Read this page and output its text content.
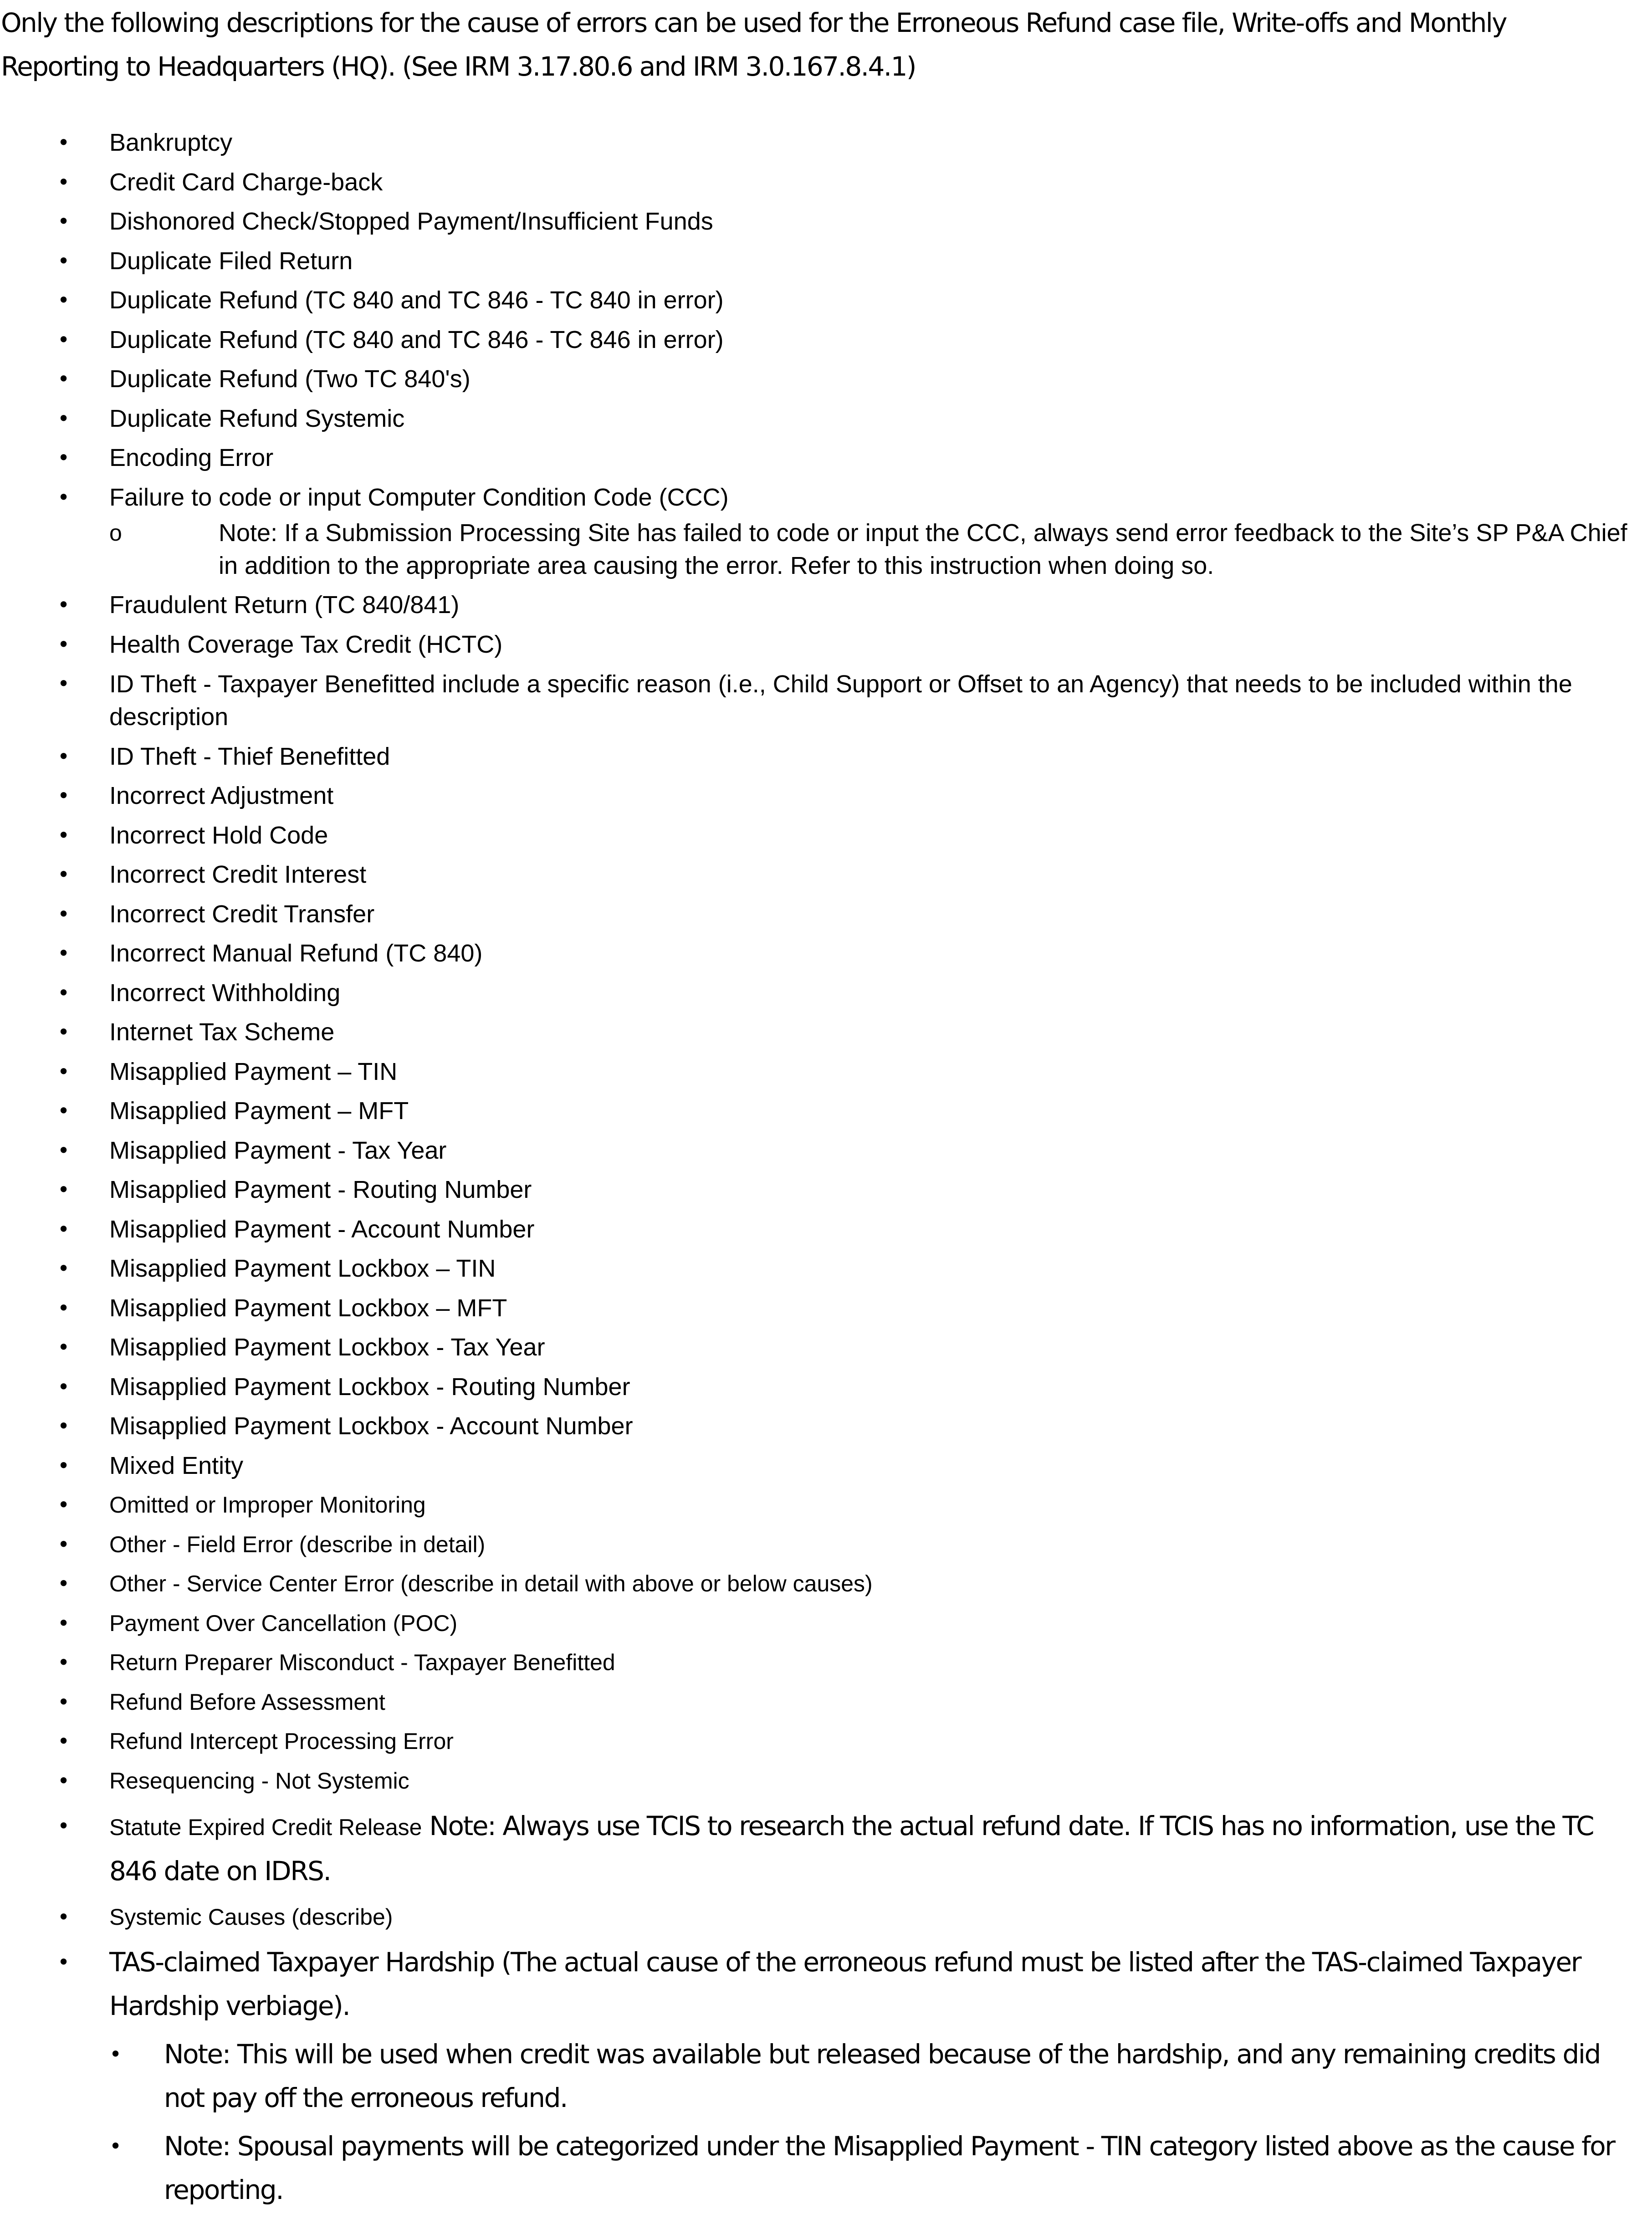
Only the following descriptions for the cause of errors can be used for the Erroneous Refund case file, Write-offs and Monthly Reporting to Headquarters (HQ). (See IRM 3.17.80.6 and IRM 3.0.167.8.4.1)

• Bankruptcy
• Credit Card Charge-back
• Dishonored Check/Stopped Payment/Insufficient Funds
• Duplicate Filed Return
• Duplicate Refund (TC 840 and TC 846 - TC 840 in error)
• Duplicate Refund (TC 840 and TC 846 - TC 846 in error)
• Duplicate Refund (Two TC 840's)
• Duplicate Refund Systemic
• Encoding Error
• Failure to code or input Computer Condition Code (CCC)
o	Note: If a Submission Processing Site has failed to code or input the CCC, always send error feedback to the Site’s SP P&A Chief in addition to the appropriate area causing the error. Refer to this instruction when doing so.
• Fraudulent Return (TC 840/841)
• Health Coverage Tax Credit (HCTC)
• ID Theft - Taxpayer Benefitted include a specific reason (i.e., Child Support or Offset to an Agency) that needs to be included within the description
• ID Theft - Thief Benefitted
• Incorrect Adjustment
• Incorrect Hold Code
• Incorrect Credit Interest
• Incorrect Credit Transfer
• Incorrect Manual Refund (TC 840)
• Incorrect Withholding
• Internet Tax Scheme
• Misapplied Payment – TIN
• Misapplied Payment – MFT
• Misapplied Payment - Tax Year
• Misapplied Payment - Routing Number
• Misapplied Payment - Account Number
• Misapplied Payment Lockbox – TIN
• Misapplied Payment Lockbox – MFT
• Misapplied Payment Lockbox - Tax Year
• Misapplied Payment Lockbox - Routing Number
• Misapplied Payment Lockbox - Account Number
• Mixed Entity
• Omitted or Improper Monitoring
• Other - Field Error (describe in detail)
• Other - Service Center Error (describe in detail with above or below causes)
• Payment Over Cancellation (POC)
• Return Preparer Misconduct - Taxpayer Benefitted
• Refund Before Assessment
• Refund Intercept Processing Error
• Resequencing - Not Systemic
• Statute Expired Credit Release Note: Always use TCIS to research the actual refund date. If TCIS has no information, use the TC 846 date on IDRS.
• Systemic Causes (describe)
• TAS-claimed Taxpayer Hardship (The actual cause of the erroneous refund must be listed after the TAS-claimed Taxpayer Hardship verbiage).
• Note: This will be used when credit was available but released because of the hardship, and any remaining credits did not pay off the erroneous refund.
• Note: Spousal payments will be categorized under the Misapplied Payment - TIN category listed above as the cause for reporting.
